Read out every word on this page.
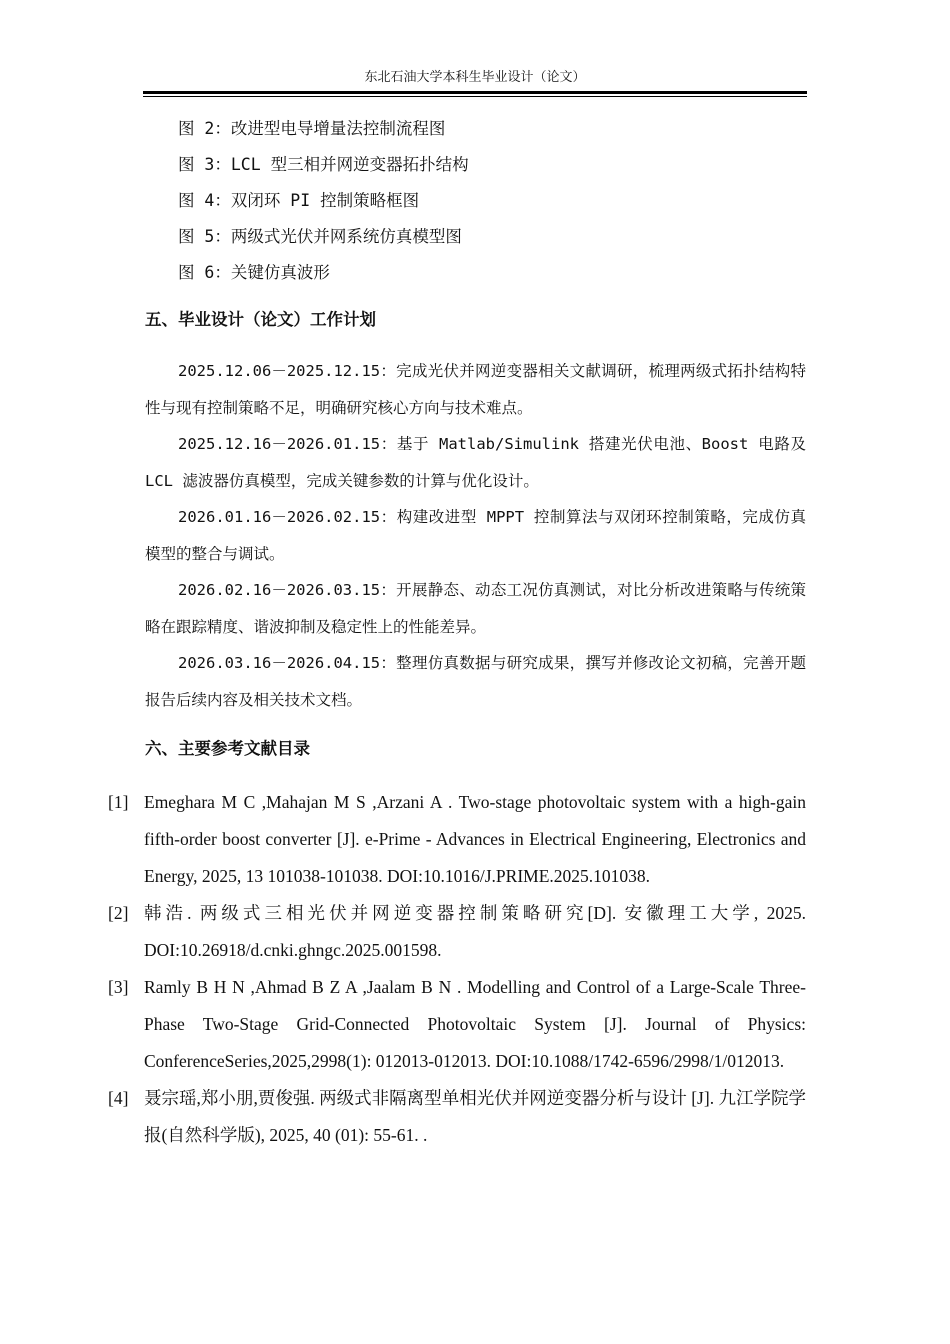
东北石油大学本科生毕业设计（论文）
图 2：改进型电导增量法控制流程图
图 3：LCL 型三相并网逆变器拓扑结构
图 4：双闭环 PI 控制策略框图
图 5：两级式光伏并网系统仿真模型图
图 6：关键仿真波形
五、毕业设计（论文）工作计划

2025.12.06－2025.12.15：完成光伏并网逆变器相关文献调研，梳理两级式拓扑结构特性与现有控制策略不足，明确研究核心方向与技术难点。

2025.12.16－2026.01.15：基于 Matlab/Simulink 搭建光伏电池、Boost 电路及 LCL 滤波器仿真模型，完成关键参数的计算与优化设计。

2026.01.16－2026.02.15：构建改进型 MPPT 控制算法与双闭环控制策略，完成仿真模型的整合与调试。

2026.02.16－2026.03.15：开展静态、动态工况仿真测试，对比分析改进策略与传统策略在跟踪精度、谐波抑制及稳定性上的性能差异。

2026.03.16－2026.04.15：整理仿真数据与研究成果，撰写并修改论文初稿，完善开题报告后续内容及相关技术文档。

六、主要参考文献目录
[1] Emeghara M C ,Mahajan M S ,Arzani A . Two-stage photovoltaic system with a high-gain fifth-order boost converter [J]. e-Prime - Advances in Electrical Engineering, Electronics and Energy, 2025, 13 101038-101038. DOI:10.1016/J.PRIME.2025.101038.
[2] 韩浩. 两级式三相光伏并网逆变器控制策略研究[D]. 安徽理工大学, 2025. DOI:10.26918/d.cnki.ghngc.2025.001598.
[3] Ramly B H N ,Ahmad B Z A ,Jaalam B N . Modelling and Control of a Large-Scale Three-Phase Two-Stage Grid-Connected Photovoltaic System [J]. Journal of Physics: ConferenceSeries,2025,2998(1): 012013-012013. DOI:10.1088/1742-6596/2998/1/012013.
[4] 聂宗瑶,郑小朋,贾俊强. 两级式非隔离型单相光伏并网逆变器分析与设计 [J]. 九江学院学报(自然科学版), 2025, 40 (01): 55-61. .
